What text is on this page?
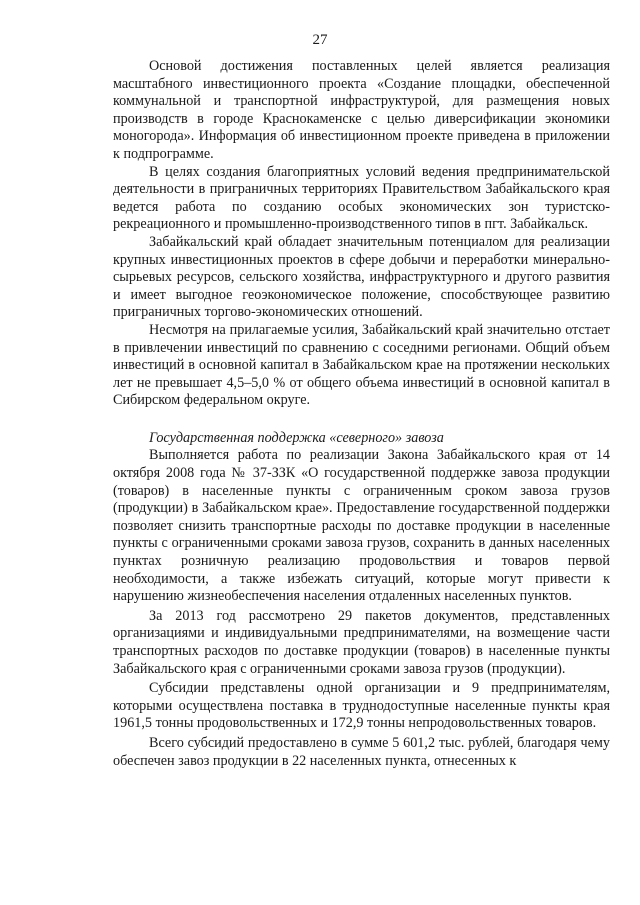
27

Основой достижения поставленных целей является реализация масштабного инвестиционного проекта «Создание площадки, обеспеченной коммунальной и транспортной инфраструктурой, для размещения новых производств в городе Краснокаменске с целью диверсификации экономики моногорода». Информация об инвестиционном проекте приведена в приложении к подпрограмме.

В целях создания благоприятных условий ведения предпринимательской деятельности в приграничных территориях Правительством Забайкальского края ведется работа по созданию особых экономических зон туристско-рекреационного и промышленно-производственного типов в пгт. Забайкальск.

Забайкальский край обладает значительным потенциалом для реализации крупных инвестиционных проектов в сфере добычи и переработки минерально-сырьевых ресурсов, сельского хозяйства, инфраструктурного и другого развития и имеет выгодное геоэкономическое положение, способствующее развитию приграничных торгово-экономических отношений.

Несмотря на прилагаемые усилия, Забайкальский край значительно отстает в привлечении инвестиций по сравнению с соседними регионами. Общий объем инвестиций в основной капитал в Забайкальском крае на протяжении нескольких лет не превышает 4,5–5,0 % от общего объема инвестиций в основной капитал в Сибирском федеральном округе.

Государственная поддержка «северного» завоза

Выполняется работа по реализации Закона Забайкальского края от 14 октября 2008 года № 37-ЗЗК «О государственной поддержке завоза продукции (товаров) в населенные пункты с ограниченным сроком завоза грузов (продукции) в Забайкальском крае». Предоставление государственной поддержки позволяет снизить транспортные расходы по доставке продукции в населенные пункты с ограниченными сроками завоза грузов, сохранить в данных населенных пунктах розничную реализацию продовольствия и товаров первой необходимости, а также избежать ситуаций, которые могут привести к нарушению жизнеобеспечения населения отдаленных населенных пунктов.

За 2013 год рассмотрено 29 пакетов документов, представленных организациями и индивидуальными предпринимателями, на возмещение части транспортных расходов по доставке продукции (товаров) в населенные пункты Забайкальского края с ограниченными сроками завоза грузов (продукции).

Субсидии представлены одной организации и 9 предпринимателям, которыми осуществлена поставка в труднодоступные населенные пункты края 1961,5 тонны продовольственных и 172,9 тонны непродовольственных товаров.

Всего субсидий предоставлено в сумме 5 601,2 тыс. рублей, благодаря чему обеспечен завоз продукции в 22 населенных пункта, отнесенных к
